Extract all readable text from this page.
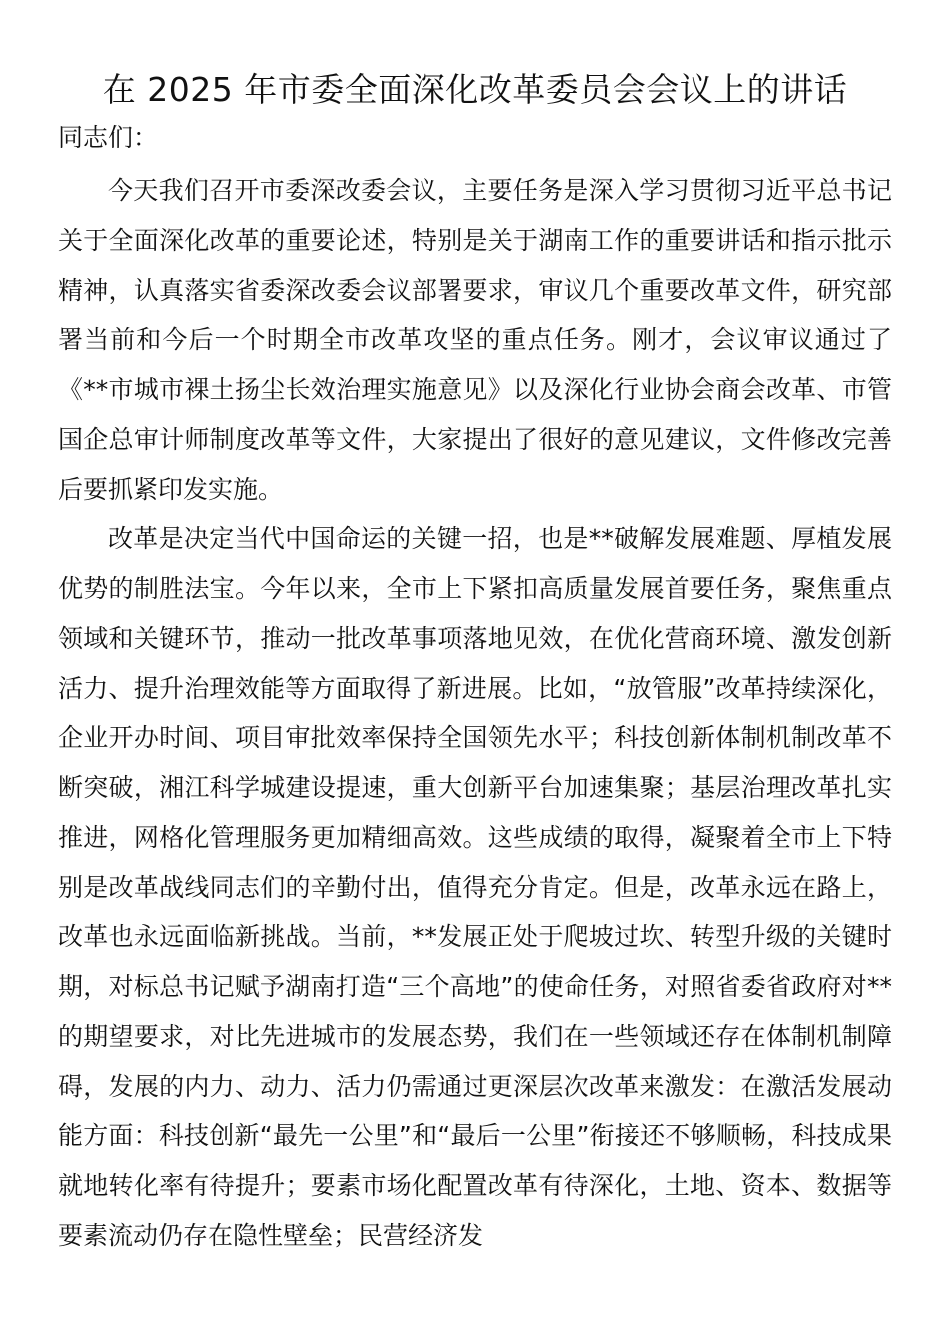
在 2025 年市委全面深化改革委员会会议上的讲话

同志们：

今天我们召开市委深改委会议，主要任务是深入学习贯彻习近平总书记关于全面深化改革的重要论述，特别是关于湖南工作的重要讲话和指示批示精神，认真落实省委深改委会议部署要求，审议几个重要改革文件，研究部署当前和今后一个时期全市改革攻坚的重点任务。刚才，会议审议通过了《**市城市裸土扬尘长效治理实施意见》以及深化行业协会商会改革、市管国企总审计师制度改革等文件，大家提出了很好的意见建议，文件修改完善后要抓紧印发实施。

改革是决定当代中国命运的关键一招，也是**破解发展难题、厚植发展优势的制胜法宝。今年以来，全市上下紧扣高质量发展首要任务，聚焦重点领域和关键环节，推动一批改革事项落地见效，在优化营商环境、激发创新活力、提升治理效能等方面取得了新进展。比如，“放管服”改革持续深化，企业开办时间、项目审批效率保持全国领先水平；科技创新体制机制改革不断突破，湘江科学城建设提速，重大创新平台加速集聚；基层治理改革扎实推进，网格化管理服务更加精细高效。这些成绩的取得，凝聚着全市上下特别是改革战线同志们的辛勤付出，值得充分肯定。但是，改革永远在路上，改革也永远面临新挑战。当前，**发展正处于爬坡过坎、转型升级的关键时期，对标总书记赋予湖南打造“三个高地”的使命任务，对照省委省政府对**的期望要求，对比先进城市的发展态势，我们在一些领域还存在体制机制障碍，发展的内力、动力、活力仍需通过更深层次改革来激发：在激活发展动能方面：科技创新“最先一公里”和“最后一公里”衔接还不够顺畅，科技成果就地转化率有待提升；要素市场化配置改革有待深化，土地、资本、数据等要素流动仍存在隐性壁垒；民营经济发
